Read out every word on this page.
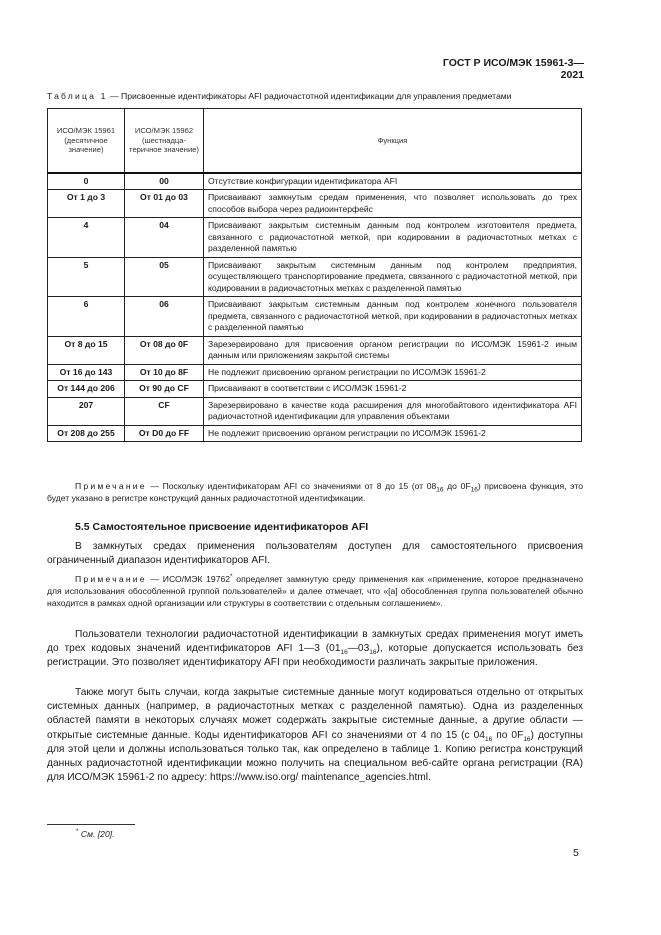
ГОСТ Р ИСО/МЭК 15961-3—2021
Таблица 1 — Присвоенные идентификаторы AFI радиочастотной идентификации для управления предметами
ИСО/МЭК 15961 (десятичное значение)	ИСО/МЭК 15962 (шестнадцатеричное значение)	Функция
0	00	Отсутствие конфигурации идентификатора AFI
От 1 до 3	От 01 до 03	Присваивают замкнутым средам применения, что позволяет использовать до трех способов выбора через радиоинтерфейс
4	04	Присваивают закрытым системным данным под контролем изготовителя предмета, связанного с радиочастотной меткой, при кодировании в радиочастотных метках с разделенной памятью
5	05	Присваивают закрытым системным данным под контролем предприятия, осуществляющего транспортирование предмета, связанного с радиочастотной меткой, при кодировании в радиочастотных метках с разделенной памятью
6	06	Присваивают закрытым системным данным под контролем конечного пользователя предмета, связанного с радиочастотной меткой, при кодировании в радиочастотных метках с разделенной памятью
От 8 до 15	От 08 до 0F	Зарезервировано для присвоения органом регистрации по ИСО/МЭК 15961-2 иным данным или приложениям закрытой системы
От 16 до 143	От 10 до 8F	Не подлежит присвоению органом регистрации по ИСО/МЭК 15961-2
От 144 до 206	От 90 до CF	Присваивают в соответствии с ИСО/МЭК 15961-2
207	CF	Зарезервировано в качестве кода расширения для многобайтового идентификатора AFI радиочастотной идентификации для управления объектами
От 208 до 255	От D0 до FF	Не подлежит присвоению органом регистрации по ИСО/МЭК 15961-2
Примечание — Поскольку идентификаторам AFI со значениями от 8 до 15 (от $08_{16}$ до $0F_{16}$) присвоена функция, это будет указано в регистре конструкций данных радиочастотной идентификации.
5.5 Самостоятельное присвоение идентификаторов AFI
В замкнутых средах применения пользователям доступен для самостоятельного присвоения ограниченный диапазон идентификаторов AFI.
Примечание — ИСО/МЭК 19762* определяет замкнутую среду применения как «применение, которое предназначено для использования обособленной группой пользователей» и далее отмечает, что «[а] обособленная группа пользователей обычно находится в рамках одной организации или структуры в соответствии с отдельным соглашением».
Пользователи технологии радиочастотной идентификации в замкнутых средах применения могут иметь до трех кодовых значений идентификаторов AFI 1—3 $(01_{16}—03_{16})$, которые допускается использовать без регистрации. Это позволяет идентификатору AFI при необходимости различать закрытые приложения.
Также могут быть случаи, когда закрытые системные данные могут кодироваться отдельно от открытых системных данных (например, в радиочастотных метках с разделенной памятью). Одна из разделенных областей памяти в некоторых случаях может содержать закрытые системные данные, а другие области — открытые системные данные. Коды идентификаторов AFI со значениями от 4 по 15 (с $04_{16}$ по $0F_{16}$) доступны для этой цели и должны использоваться только так, как определено в таблице 1. Копию регистра конструкций данных радиочастотной идентификации можно получить на специальном веб-сайте органа регистрации (RA) для ИСО/МЭК 15961-2 по адресу: https://www.iso.org/ maintenance_agencies.html.
* См. [20].
5
